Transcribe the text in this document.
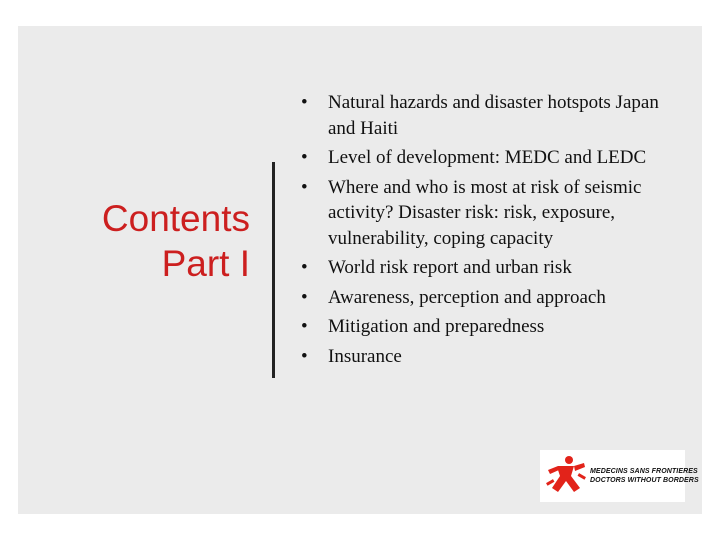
Contents
Part I
• Natural hazards and disaster hotspots Japan and Haiti
• Level of development: MEDC and LEDC
• Where and who is most at risk of seismic activity? Disaster risk: risk, exposure, vulnerability, coping capacity
• World risk report and urban risk
• Awareness, perception and approach
• Mitigation and preparedness
• Insurance
MEDECINS SANS FRONTIERES
DOCTORS WITHOUT BORDERS
